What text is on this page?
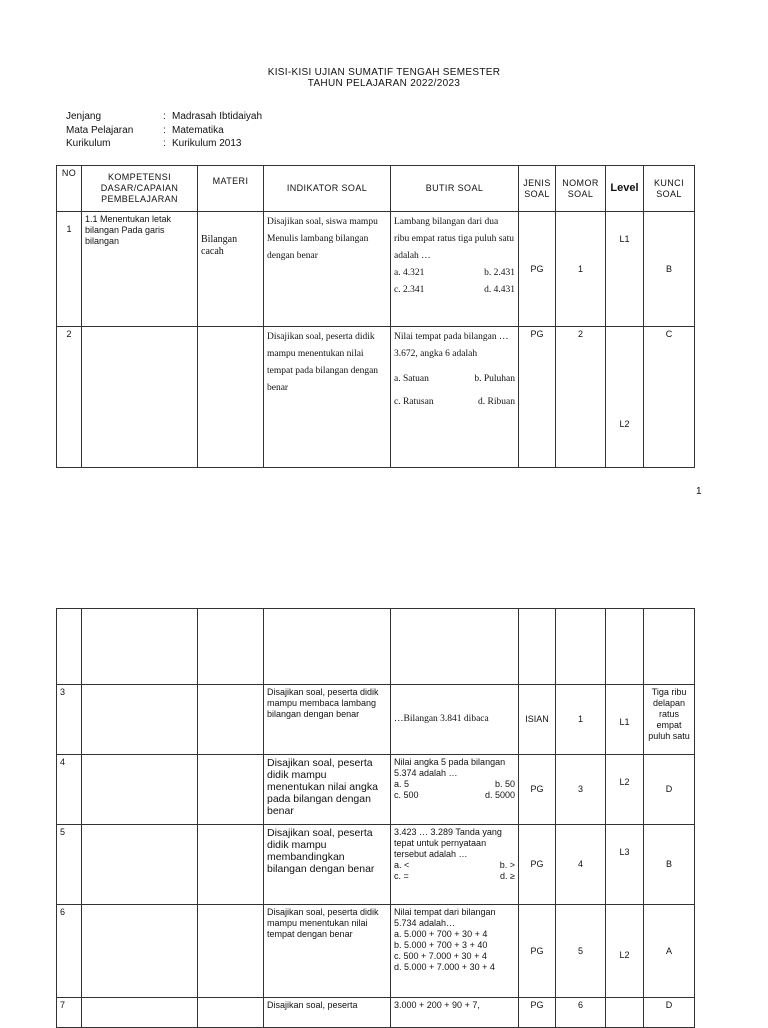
KISI-KISI UJIAN SUMATIF TENGAH SEMESTER
TAHUN PELAJARAN 2022/2023
Jenjang	: Madrasah Ibtidaiyah
Mata Pelajaran	: Matematika
Kurikulum	: Kurikulum 2013
NO	KOMPETENSI DASAR/CAPAIAN PEMBELAJARAN	MATERI	INDIKATOR SOAL	BUTIR SOAL	JENIS SOAL	NOMOR SOAL	Level	KUNCI SOAL
1	1.1 Menentukan letak bilangan Pada garis bilangan	Bilangan cacah	Disajikan soal, siswa mampu Menulis lambang bilangan dengan benar	Lambang bilangan dari dua ribu empat ratus tiga puluh satu adalah …
a. 4.321 b. 2.431
c. 2.341 d. 4.431	PG	1	L1	B
2			Disajikan soal, peserta didik mampu menentukan nilai tempat pada bilangan dengan benar	Nilai tempat pada bilangan …3.672, angka 6 adalah
a. Satuan b. Puluhan
c. Ratusan d. Ribuan	PG	2	L2	C
1

3			Disajikan soal, peserta didik mampu membaca lambang bilangan dengan benar	…Bilangan 3.841 dibaca	ISIAN	1	L1	Tiga ribu delapan ratus empat puluh satu
4			Disajikan soal, peserta didik mampu menentukan nilai angka pada bilangan dengan benar	Nilai angka 5 pada bilangan 5.374 adalah …
a. 5 b. 50
c. 500 d. 5000	PG	3	L2	D
5			Disajikan soal, peserta didik mampu membandingkan bilangan dengan benar	3.423 … 3.289 Tanda yang tepat untuk pernyataan tersebut adalah …
a. < b. >
c. = d. ≥	PG	4	L3	B
6			Disajikan soal, peserta didik mampu menentukan nilai tempat dengan benar	Nilai tempat dari bilangan 5.734 adalah…
a. 5.000 + 700 + 30 + 4
b. 5.000 + 700 + 3 + 40
c. 500 + 7.000 + 30 + 4
d. 5.000 + 7.000 + 30 + 4	PG	5	L2	A
7			Disajikan soal, peserta	3.000 + 200 + 90 + 7,	PG	6		D
